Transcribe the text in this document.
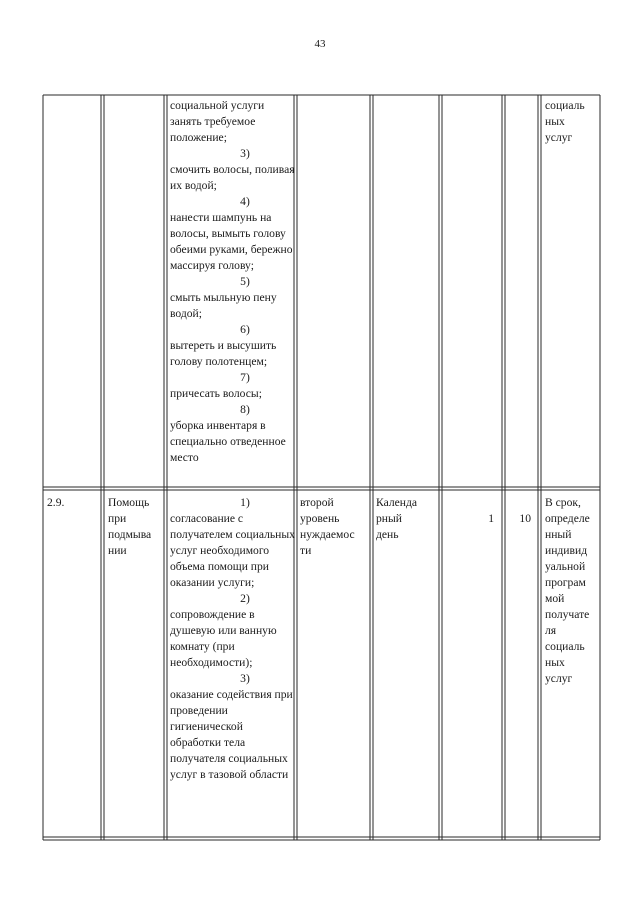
43
социальной услуги занять требуемое положение;
3)
смочить волосы, поливая их водой;
4)
нанести шампунь на волосы, вымыть голову обеими руками, бережно массируя голову;
5)
смыть мыльную пену водой;
6)
вытереть и высушить голову полотенцем;
7)
причесать волосы;
8)
уборка инвентаря в специально отведенное место
социаль
ных
услуг
2.9.	Помощь
при
подмыва
нии
1)
согласование с получателем социальных услуг необходимого объема помощи при оказании услуги;
2)
сопровождение в душевую или ванную комнату (при необходимости);
3)
оказание содействия при проведении гигиенической обработки тела получателя социальных услуг в тазовой области
второй
уровень
нуждаемос
ти
Календа
рный
день
1	10
В срок,
определе
нный
индивид
уальной
програм
мой
получате
ля
социаль
ных
услуг
